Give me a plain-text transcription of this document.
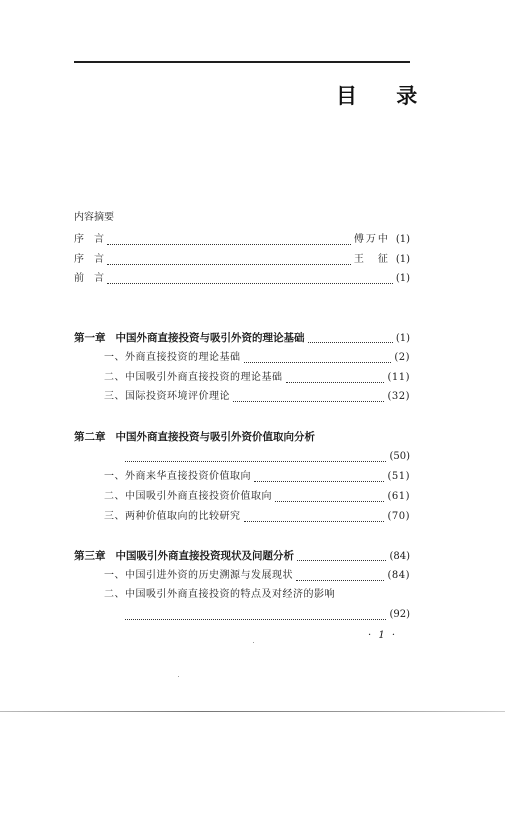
目 录
内容摘要
序　言	傅万中 (1)
序　言	王　征 (1)
前　言	(1)
第一章 中国外商直接投资与吸引外资的理论基础	(1)
一、外商直接投资的理论基础	(2)
二、中国吸引外商直接投资的理论基础	(11)
三、国际投资环境评价理论	(32)
第二章 中国外商直接投资与吸引外资价值取向分析
(50)
一、外商来华直接投资价值取向	(51)
二、中国吸引外商直接投资价值取向	(61)
三、两种价值取向的比较研究	(70)
第三章 中国吸引外商直接投资现状及问题分析	(84)
一、中国引进外资的历史溯源与发展现状	(84)
二、中国吸引外商直接投资的特点及对经济的影响
(92)
· 1 ·
